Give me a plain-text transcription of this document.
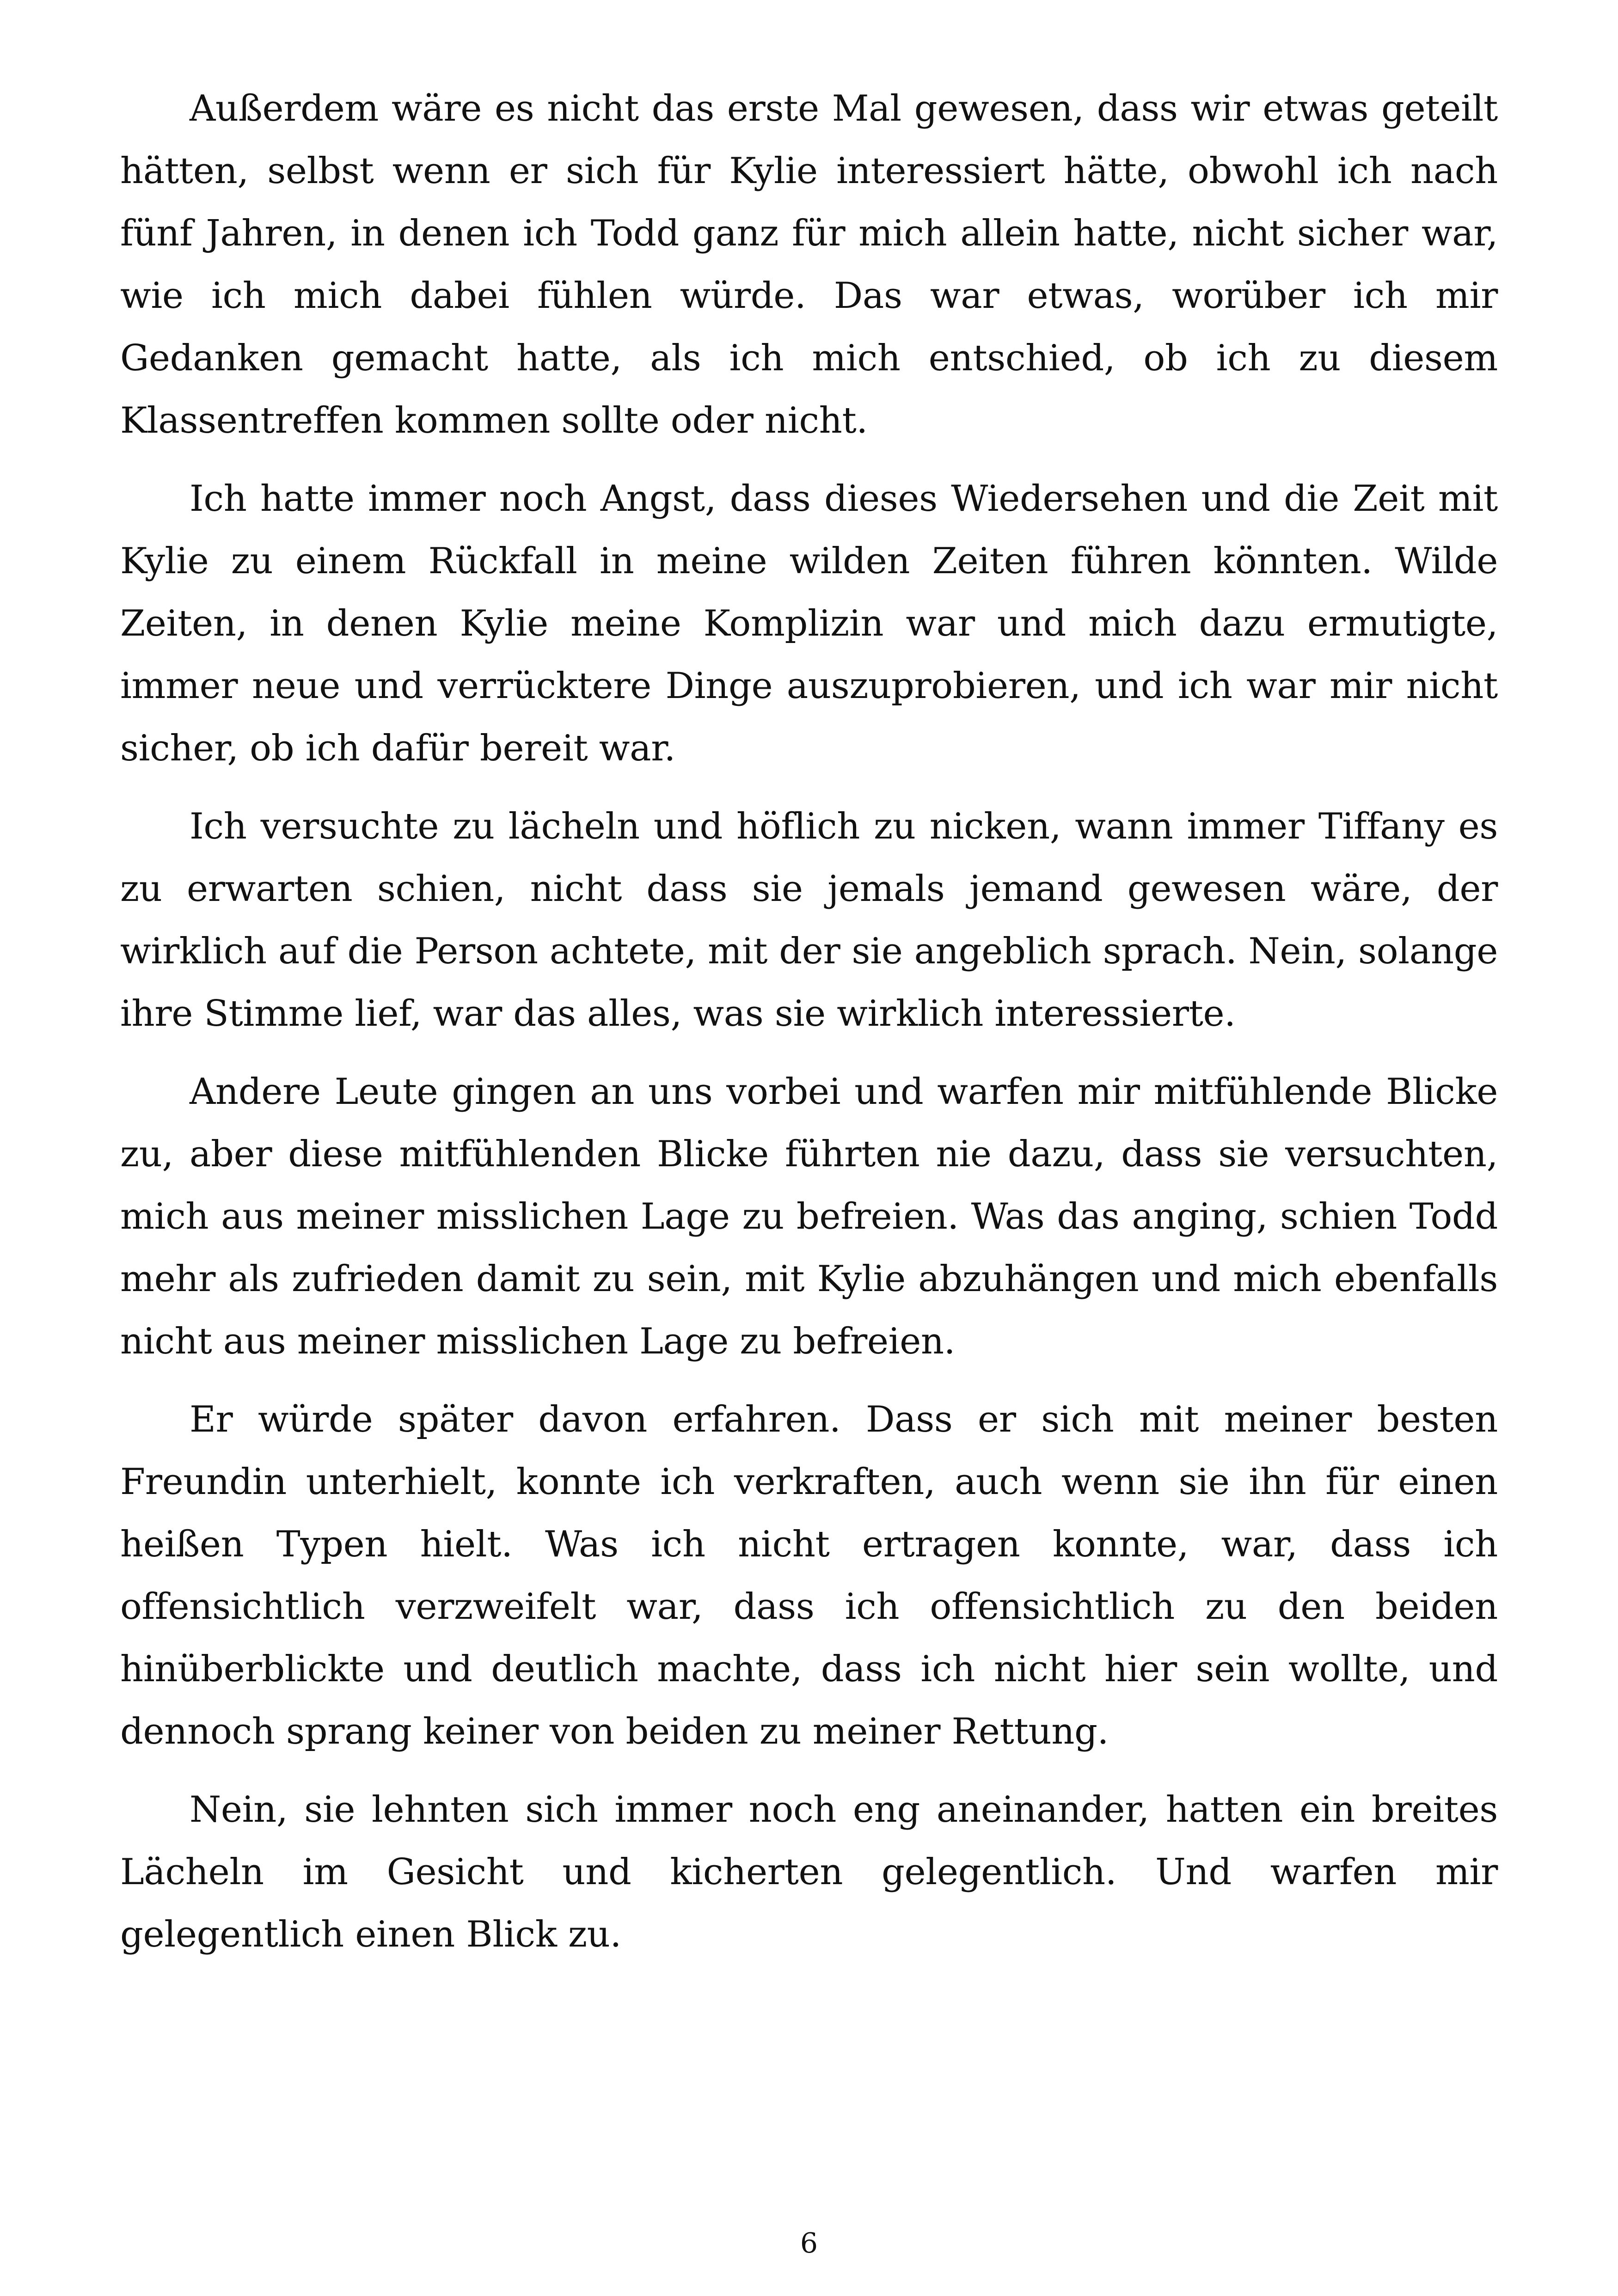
Außerdem wäre es nicht das erste Mal gewesen, dass wir etwas geteilt hätten, selbst wenn er sich für Kylie interessiert hätte, obwohl ich nach fünf Jahren, in denen ich Todd ganz für mich allein hatte, nicht sicher war, wie ich mich dabei fühlen würde. Das war etwas, worüber ich mir Gedanken gemacht hatte, als ich mich entschied, ob ich zu diesem Klassentreffen kommen sollte oder nicht.

Ich hatte immer noch Angst, dass dieses Wiedersehen und die Zeit mit Kylie zu einem Rückfall in meine wilden Zeiten führen könnten. Wilde Zeiten, in denen Kylie meine Komplizin war und mich dazu ermutigte, immer neue und verrücktere Dinge auszuprobieren, und ich war mir nicht sicher, ob ich dafür bereit war.

Ich versuchte zu lächeln und höflich zu nicken, wann immer Tiffany es zu erwarten schien, nicht dass sie jemals jemand gewesen wäre, der wirklich auf die Person achtete, mit der sie angeblich sprach. Nein, solange ihre Stimme lief, war das alles, was sie wirklich interessierte.

Andere Leute gingen an uns vorbei und warfen mir mitfühlende Blicke zu, aber diese mitfühlenden Blicke führten nie dazu, dass sie versuchten, mich aus meiner misslichen Lage zu befreien. Was das anging, schien Todd mehr als zufrieden damit zu sein, mit Kylie abzuhängen und mich ebenfalls nicht aus meiner misslichen Lage zu befreien.

Er würde später davon erfahren. Dass er sich mit meiner besten Freundin unterhielt, konnte ich verkraften, auch wenn sie ihn für einen heißen Typen hielt. Was ich nicht ertragen konnte, war, dass ich offensichtlich verzweifelt war, dass ich offensichtlich zu den beiden hinüberblickte und deutlich machte, dass ich nicht hier sein wollte, und dennoch sprang keiner von beiden zu meiner Rettung.

Nein, sie lehnten sich immer noch eng aneinander, hatten ein breites Lächeln im Gesicht und kicherten gelegentlich. Und warfen mir gelegentlich einen Blick zu.

6
